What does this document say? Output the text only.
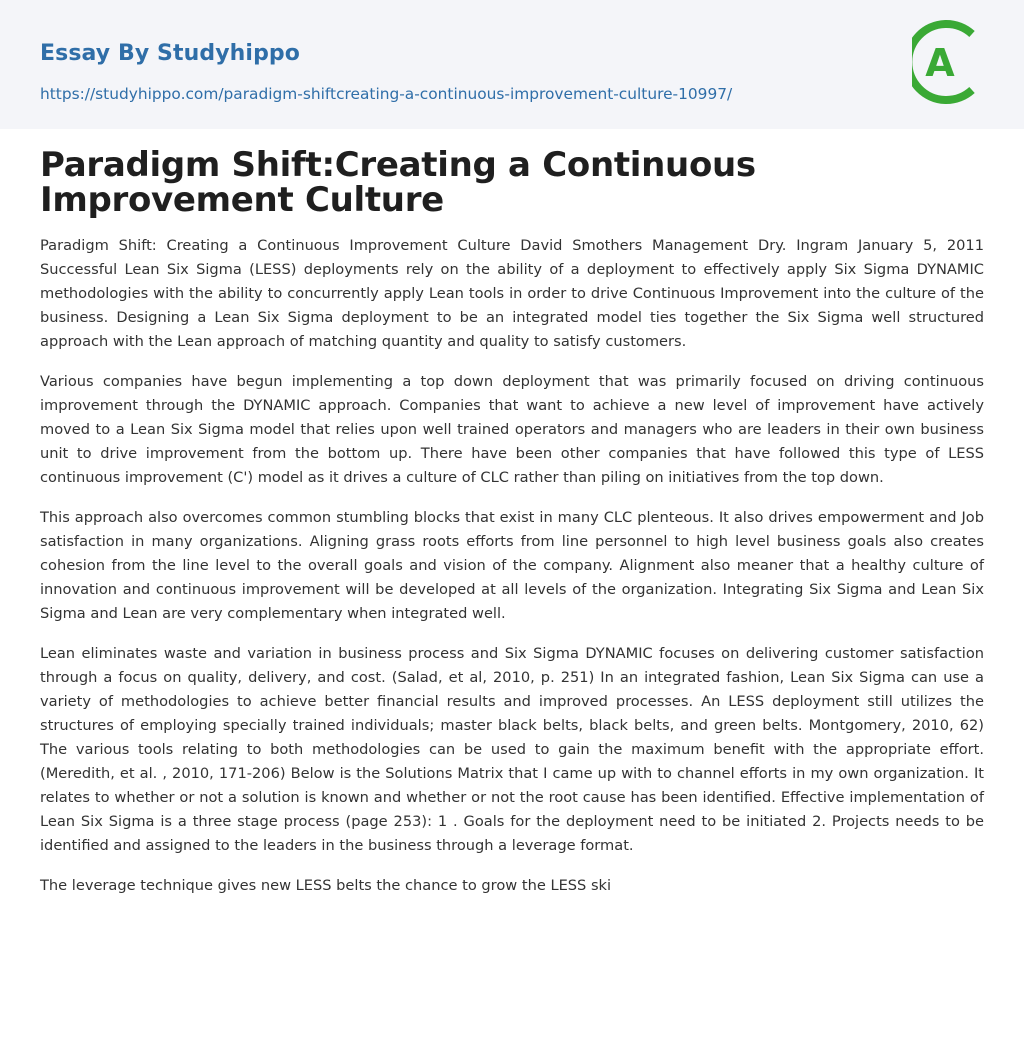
Essay By Studyhippo
https://studyhippo.com/paradigm-shiftcreating-a-continuous-improvement-culture-10997/
A
Paradigm Shift:Creating a Continuous Improvement Culture

Paradigm Shift: Creating a Continuous Improvement Culture David Smothers Management Dry. Ingram January 5, 2011 Successful Lean Six Sigma (LESS) deployments rely on the ability of a deployment to effectively apply Six Sigma DYNAMIC methodologies with the ability to concurrently apply Lean tools in order to drive Continuous Improvement into the culture of the business. Designing a Lean Six Sigma deployment to be an integrated model ties together the Six Sigma well structured approach with the Lean approach of matching quantity and quality to satisfy customers.

Various companies have begun implementing a top down deployment that was primarily focused on driving continuous improvement through the DYNAMIC approach. Companies that want to achieve a new level of improvement have actively moved to a Lean Six Sigma model that relies upon well trained operators and managers who are leaders in their own business unit to drive improvement from the bottom up. There have been other companies that have followed this type of LESS continuous improvement (C') model as it drives a culture of CLC rather than piling on initiatives from the top down.

This approach also overcomes common stumbling blocks that exist in many CLC plenteous. It also drives empowerment and Job satisfaction in many organizations. Aligning grass roots efforts from line personnel to high level business goals also creates cohesion from the line level to the overall goals and vision of the company. Alignment also meaner that a healthy culture of innovation and continuous improvement will be developed at all levels of the organization. Integrating Six Sigma and Lean Six Sigma and Lean are very complementary when integrated well.

Lean eliminates waste and variation in business process and Six Sigma DYNAMIC focuses on delivering customer satisfaction through a focus on quality, delivery, and cost. (Salad, et al, 2010, p. 251) In an integrated fashion, Lean Six Sigma can use a variety of methodologies to achieve better financial results and improved processes. An LESS deployment still utilizes the structures of employing specially trained individuals; master black belts, black belts, and green belts. Montgomery, 2010, 62) The various tools relating to both methodologies can be used to gain the maximum benefit with the appropriate effort. (Meredith, et al. , 2010, 171-206) Below is the Solutions Matrix that I came up with to channel efforts in my own organization. It relates to whether or not a solution is known and whether or not the root cause has been identified. Effective implementation of Lean Six Sigma is a three stage process (page 253): 1 . Goals for the deployment need to be initiated 2. Projects needs to be identified and assigned to the leaders in the business through a leverage format.

The leverage technique gives new LESS belts the chance to grow the LESS ski
